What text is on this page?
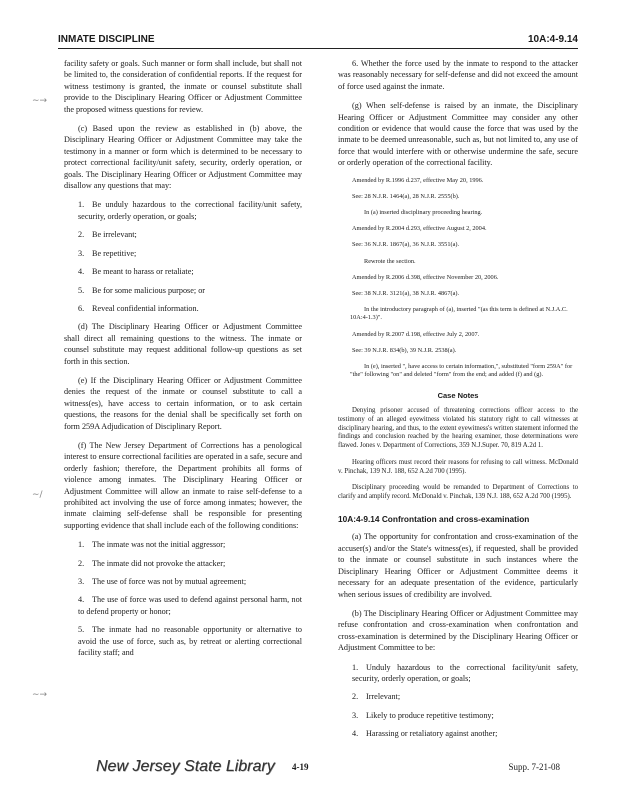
INMATE DISCIPLINE	10A:4-9.14
∼→
∼/
∼→

facility safety or goals. Such manner or form shall include, but shall not be limited to, the consideration of confidential reports. If the request for witness testimony is granted, the inmate or counsel substitute shall provide to the Disciplinary Hearing Officer or Adjustment Committee the proposed witness questions for review.

(c) Based upon the review as established in (b) above, the Disciplinary Hearing Officer or Adjustment Committee may take the testimony in a manner or form which is determined to be necessary to protect correctional facility/unit safety, security, orderly operation, or goals. The Disciplinary Hearing Officer or Adjustment Committee may disallow any questions that may:

1. Be unduly hazardous to the correctional facility/unit safety, security, orderly operation, or goals;
2. Be irrelevant;
3. Be repetitive;
4. Be meant to harass or retaliate;
5. Be for some malicious purpose; or
6. Reveal confidential information.

(d) The Disciplinary Hearing Officer or Adjustment Committee shall direct all remaining questions to the witness. The inmate or counsel substitute may request additional follow-up questions as set forth in this section.

(e) If the Disciplinary Hearing Officer or Adjustment Committee denies the request of the inmate or counsel substitute to call a witness(es), have access to certain information, or to ask certain questions, the reasons for the denial shall be specifically set forth on form 259A Adjudication of Disciplinary Report.

(f) The New Jersey Department of Corrections has a penological interest to ensure correctional facilities are operated in a safe, secure and orderly fashion; therefore, the Department prohibits all forms of violence among inmates. The Disciplinary Hearing Officer or Adjustment Committee will allow an inmate to raise self-defense to a prohibited act involving the use of force among inmates; however, the inmate claiming self-defense shall be responsible for presenting supporting evidence that shall include each of the following conditions:

1. The inmate was not the initial aggressor;
2. The inmate did not provoke the attacker;
3. The use of force was not by mutual agreement;
4. The use of force was used to defend against personal harm, not to defend property or honor;
5. The inmate had no reasonable opportunity or alternative to avoid the use of force, such as, by retreat or alerting correctional facility staff; and

6. Whether the force used by the inmate to respond to the attacker was reasonably necessary for self-defense and did not exceed the amount of force used against the inmate.

(g) When self-defense is raised by an inmate, the Disciplinary Hearing Officer or Adjustment Committee may consider any other condition or evidence that would cause the force that was used by the inmate to be deemed unreasonable, such as, but not limited to, any use of force that would interfere with or otherwise undermine the safe, secure or orderly operation of the correctional facility.

Amended by R.1996 d.237, effective May 20, 1996.

See: 28 N.J.R. 1464(a), 28 N.J.R. 2555(b).

In (a) inserted disciplinary proceeding hearing.

Amended by R.2004 d.293, effective August 2, 2004.

See: 36 N.J.R. 1867(a), 36 N.J.R. 3551(a).

Rewrote the section.

Amended by R.2006 d.398, effective November 20, 2006.

See: 38 N.J.R. 3121(a), 38 N.J.R. 4867(a).

In the introductory paragraph of (a), inserted "(as this term is defined at N.J.A.C. 10A:4-1.3)".

Amended by R.2007 d.198, effective July 2, 2007.

See: 39 N.J.R. 834(b), 39 N.J.R. 2538(a).

In (e), inserted ", have access to certain information,", substituted "form 259A" for "the" following "on" and deleted "form" from the end; and added (f) and (g).

Case Notes

Denying prisoner accused of threatening corrections officer access to the testimony of an alleged eyewitness violated his statutory right to call witnesses at disciplinary hearing, and thus, to the extent eyewitness's written statement informed the findings and conclusion reached by the hearing examiner, those determinations were flawed. Jones v. Department of Corrections, 359 N.J.Super. 70, 819 A.2d 1.

Hearing officers must record their reasons for refusing to call witness. McDonald v. Pinchak, 139 N.J. 188, 652 A.2d 700 (1995).

Disciplinary proceeding would be remanded to Department of Corrections to clarify and amplify record. McDonald v. Pinchak, 139 N.J. 188, 652 A.2d 700 (1995).

10A:4-9.14 Confrontation and cross-examination

(a) The opportunity for confrontation and cross-examination of the accuser(s) and/or the State's witness(es), if requested, shall be provided to the inmate or counsel substitute in such instances where the Disciplinary Hearing Officer or Adjustment Committee deems it necessary for an adequate presentation of the evidence, particularly when serious issues of credibility are involved.

(b) The Disciplinary Hearing Officer or Adjustment Committee may refuse confrontation and cross-examination when confrontation and cross-examination is determined by the Disciplinary Hearing Officer or Adjustment Committee to be:

1. Unduly hazardous to the correctional facility/unit safety, security, orderly operation, or goals;
2. Irrelevant;
3. Likely to produce repetitive testimony;
4. Harassing or retaliatory against another;
New Jersey State Library 4-19	Supp. 7-21-08
